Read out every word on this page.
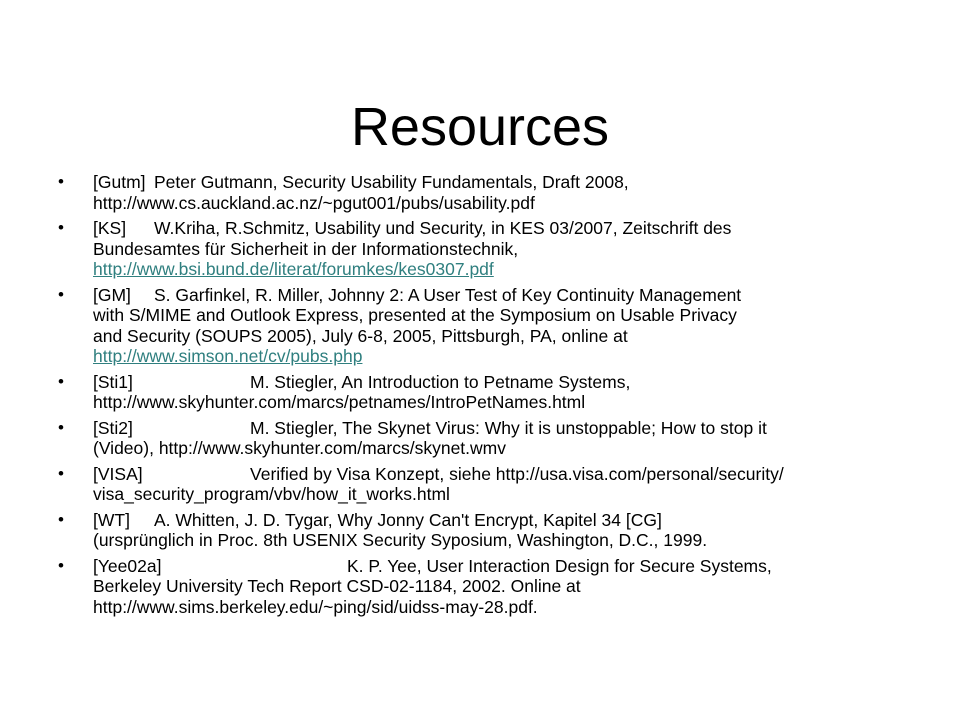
Resources
• [Gutm] Peter Gutmann, Security Usability Fundamentals, Draft 2008,
http://www.cs.auckland.ac.nz/~pgut001/pubs/usability.pdf
• [KS] W.Kriha, R.Schmitz, Usability und Security, in KES 03/2007, Zeitschrift des
Bundesamtes für Sicherheit in der Informationstechnik,
http://www.bsi.bund.de/literat/forumkes/kes0307.pdf
• [GM] S. Garfinkel, R. Miller, Johnny 2: A User Test of Key Continuity Management
with S/MIME and Outlook Express, presented at the Symposium on Usable Privacy
and Security (SOUPS 2005), July 6-8, 2005, Pittsburgh, PA, online at
http://www.simson.net/cv/pubs.php
• [Sti1]	M. Stiegler, An Introduction to Petname Systems,
http://www.skyhunter.com/marcs/petnames/IntroPetNames.html
• [Sti2]	M. Stiegler, The Skynet Virus: Why it is unstoppable; How to stop it
(Video), http://www.skyhunter.com/marcs/skynet.wmv
• [VISA]	Verified by Visa Konzept, siehe http://usa.visa.com/personal/security/
visa_security_program/vbv/how_it_works.html
• [WT] A. Whitten, J. D. Tygar, Why Jonny Can't Encrypt, Kapitel 34 [CG]
(ursprünglich in Proc. 8th USENIX Security Syposium, Washington, D.C., 1999.
• [Yee02a]	K. P. Yee, User Interaction Design for Secure Systems,
Berkeley University Tech Report CSD-02-1184, 2002. Online at
http://www.sims.berkeley.edu/~ping/sid/uidss-may-28.pdf.
